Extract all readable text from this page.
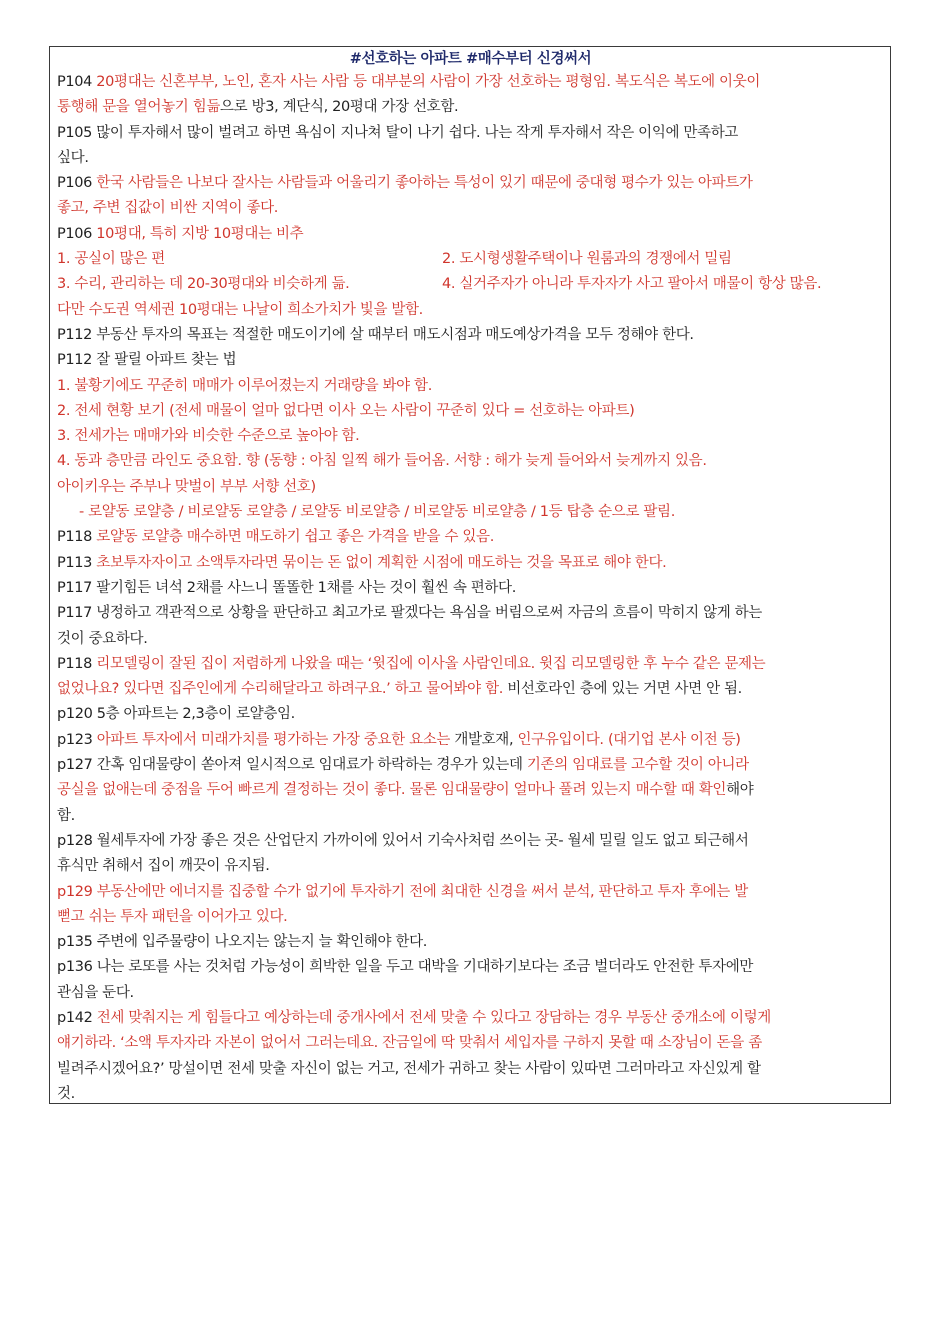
#선호하는 아파트 #매수부터 신경써서
P104 20평대는 신혼부부, 노인, 혼자 사는 사람 등 대부분의 사람이 가장 선호하는 평형임. 복도식은 복도에 이웃이
통행해 문을 열어놓기 힘듦으로 방3, 계단식, 20평대 가장 선호함.
P105 많이 투자해서 많이 벌려고 하면 욕심이 지나쳐 탈이 나기 쉽다. 나는 작게 투자해서 작은 이익에 만족하고
싶다.
P106 한국 사람들은 나보다 잘사는 사람들과 어울리기 좋아하는 특성이 있기 때문에 중대형 평수가 있는 아파트가
좋고, 주변 집값이 비싼 지역이 좋다.
P106 10평대, 특히 지방 10평대는 비추
1. 공실이 많은 편	2. 도시형생활주택이나 원룸과의 경쟁에서 밀림
3. 수리, 관리하는 데 20-30평대와 비슷하게 듦.	4. 실거주자가 아니라 투자자가 사고 팔아서 매물이 항상 많음.
다만 수도권 역세권 10평대는 나날이 희소가치가 빛을 발함.
P112 부동산 투자의 목표는 적절한 매도이기에 살 때부터 매도시점과 매도예상가격을 모두 정해야 한다.
P112 잘 팔릴 아파트 찾는 법
1. 불황기에도 꾸준히 매매가 이루어졌는지 거래량을 봐야 함.
2. 전세 현황 보기 (전세 매물이 얼마 없다면 이사 오는 사람이 꾸준히 있다 = 선호하는 아파트)
3. 전세가는 매매가와 비슷한 수준으로 높아야 함.
4. 동과 층만큼 라인도 중요함. 향 (동향 : 아침 일찍 해가 들어옴. 서향 : 해가 늦게 들어와서 늦게까지 있음.
아이키우는 주부나 맞벌이 부부 서향 선호)
- 로얄동 로얄층 / 비로얄동 로얄층 / 로얄동 비로얄층 / 비로얄동 비로얄층 / 1등 탑층 순으로 팔림.
P118 로얄동 로얄층 매수하면 매도하기 쉽고 좋은 가격을 받을 수 있음.
P113 초보투자자이고 소액투자라면 묶이는 돈 없이 계획한 시점에 매도하는 것을 목표로 해야 한다.
P117 팔기힘든 녀석 2채를 사느니 똘똘한 1채를 사는 것이 훨씬 속 편하다.
P117 냉정하고 객관적으로 상황을 판단하고 최고가로 팔겠다는 욕심을 버림으로써 자금의 흐름이 막히지 않게 하는
것이 중요하다.
P118 리모델링이 잘된 집이 저렴하게 나왔을 때는 ‘윗집에 이사올 사람인데요. 윗집 리모델링한 후 누수 같은 문제는
없었나요? 있다면 집주인에게 수리해달라고 하려구요.’ 하고 물어봐야 함. 비선호라인 층에 있는 거면 사면 안 됨.
p120 5층 아파트는 2,3층이 로얄층임.
p123 아파트 투자에서 미래가치를 평가하는 가장 중요한 요소는 개발호재, 인구유입이다. (대기업 본사 이전 등)
p127 간혹 임대물량이 쏟아져 일시적으로 임대료가 하락하는 경우가 있는데 기존의 임대료를 고수할 것이 아니라
공실을 없애는데 중점을 두어 빠르게 결정하는 것이 좋다. 물론 임대물량이 얼마나 풀려 있는지 매수할 때 확인해야
함.
p128 월세투자에 가장 좋은 것은 산업단지 가까이에 있어서 기숙사처럼 쓰이는 곳- 월세 밀릴 일도 없고 퇴근해서
휴식만 취해서 집이 깨끗이 유지됨.
p129 부동산에만 에너지를 집중할 수가 없기에 투자하기 전에 최대한 신경을 써서 분석, 판단하고 투자 후에는 발
뻗고 쉬는 투자 패턴을 이어가고 있다.
p135 주변에 입주물량이 나오지는 않는지 늘 확인해야 한다.
p136 나는 로또를 사는 것처럼 가능성이 희박한 일을 두고 대박을 기대하기보다는 조금 벌더라도 안전한 투자에만
관심을 둔다.
p142 전세 맞춰지는 게 힘들다고 예상하는데 중개사에서 전세 맞출 수 있다고 장담하는 경우 부동산 중개소에 이렇게
얘기하라. ‘소액 투자자라 자본이 없어서 그러는데요. 잔금일에 딱 맞춰서 세입자를 구하지 못할 때 소장님이 돈을 좀
빌려주시겠어요?’ 망설이면 전세 맞출 자신이 없는 거고, 전세가 귀하고 찾는 사람이 있따면 그러마라고 자신있게 할
것.
